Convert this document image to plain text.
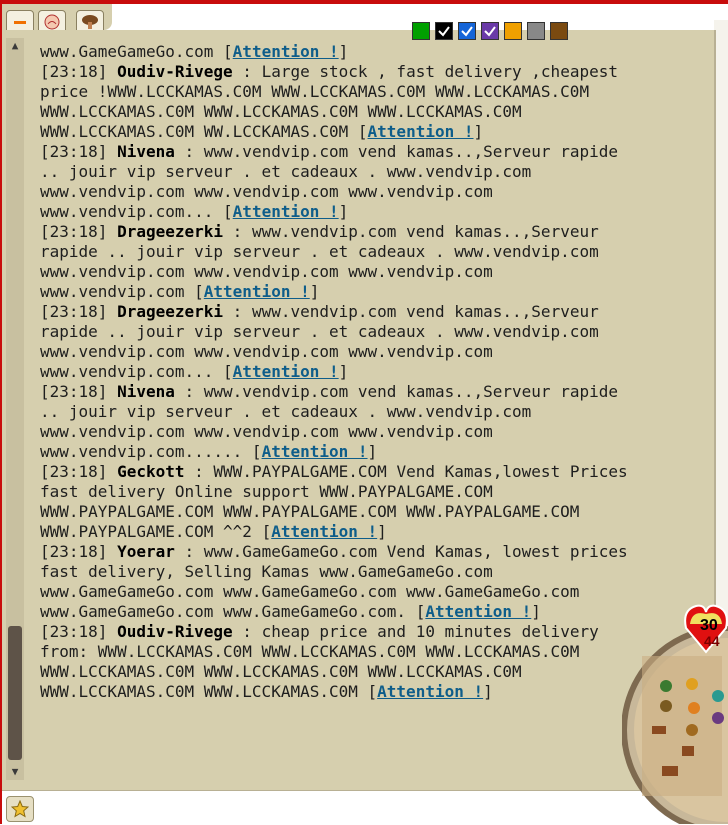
▲
▼

www.GameGameGo.com [Attention !]

[23:18] Oudiv-Rivege : Large stock , fast delivery ,cheapest price !WWW.LCCKAMAS.C0M WWW.LCCKAMAS.C0M WWW.LCCKAMAS.C0M WWW.LCCKAMAS.C0M WWW.LCCKAMAS.C0M WWW.LCCKAMAS.C0M WWW.LCCKAMAS.C0M WW.LCCKAMAS.C0M [Attention !]

[23:18] Nivena : www.vendvip.com vend kamas..,Serveur rapide .. jouir vip serveur . et cadeaux . www.vendvip.com www.vendvip.com www.vendvip.com www.vendvip.com www.vendvip.com... [Attention !]

[23:18] Drageezerki : www.vendvip.com vend kamas..,Serveur rapide .. jouir vip serveur . et cadeaux . www.vendvip.com www.vendvip.com www.vendvip.com www.vendvip.com www.vendvip.com [Attention !]

[23:18] Drageezerki : www.vendvip.com vend kamas..,Serveur rapide .. jouir vip serveur . et cadeaux . www.vendvip.com www.vendvip.com www.vendvip.com www.vendvip.com www.vendvip.com... [Attention !]

[23:18] Nivena : www.vendvip.com vend kamas..,Serveur rapide .. jouir vip serveur . et cadeaux . www.vendvip.com www.vendvip.com www.vendvip.com www.vendvip.com www.vendvip.com...... [Attention !]

[23:18] Geckott : WWW.PAYPALGAME.COM Vend Kamas,lowest Prices fast delivery Online support WWW.PAYPALGAME.COM WWW.PAYPALGAME.COM WWW.PAYPALGAME.COM WWW.PAYPALGAME.COM WWW.PAYPALGAME.COM ^^2 [Attention !]

[23:18] Yoerar : www.GameGameGo.com Vend Kamas, lowest prices fast delivery, Selling Kamas www.GameGameGo.com www.GameGameGo.com www.GameGameGo.com www.GameGameGo.com www.GameGameGo.com www.GameGameGo.com. [Attention !]

[23:18] Oudiv-Rivege : cheap price and 10 minutes delivery from: WWW.LCCKAMAS.C0M WWW.LCCKAMAS.C0M WWW.LCCKAMAS.C0M WWW.LCCKAMAS.C0M WWW.LCCKAMAS.C0M WWW.LCCKAMAS.C0M WWW.LCCKAMAS.C0M WWW.LCCKAMAS.C0M [Attention !]

30
44
